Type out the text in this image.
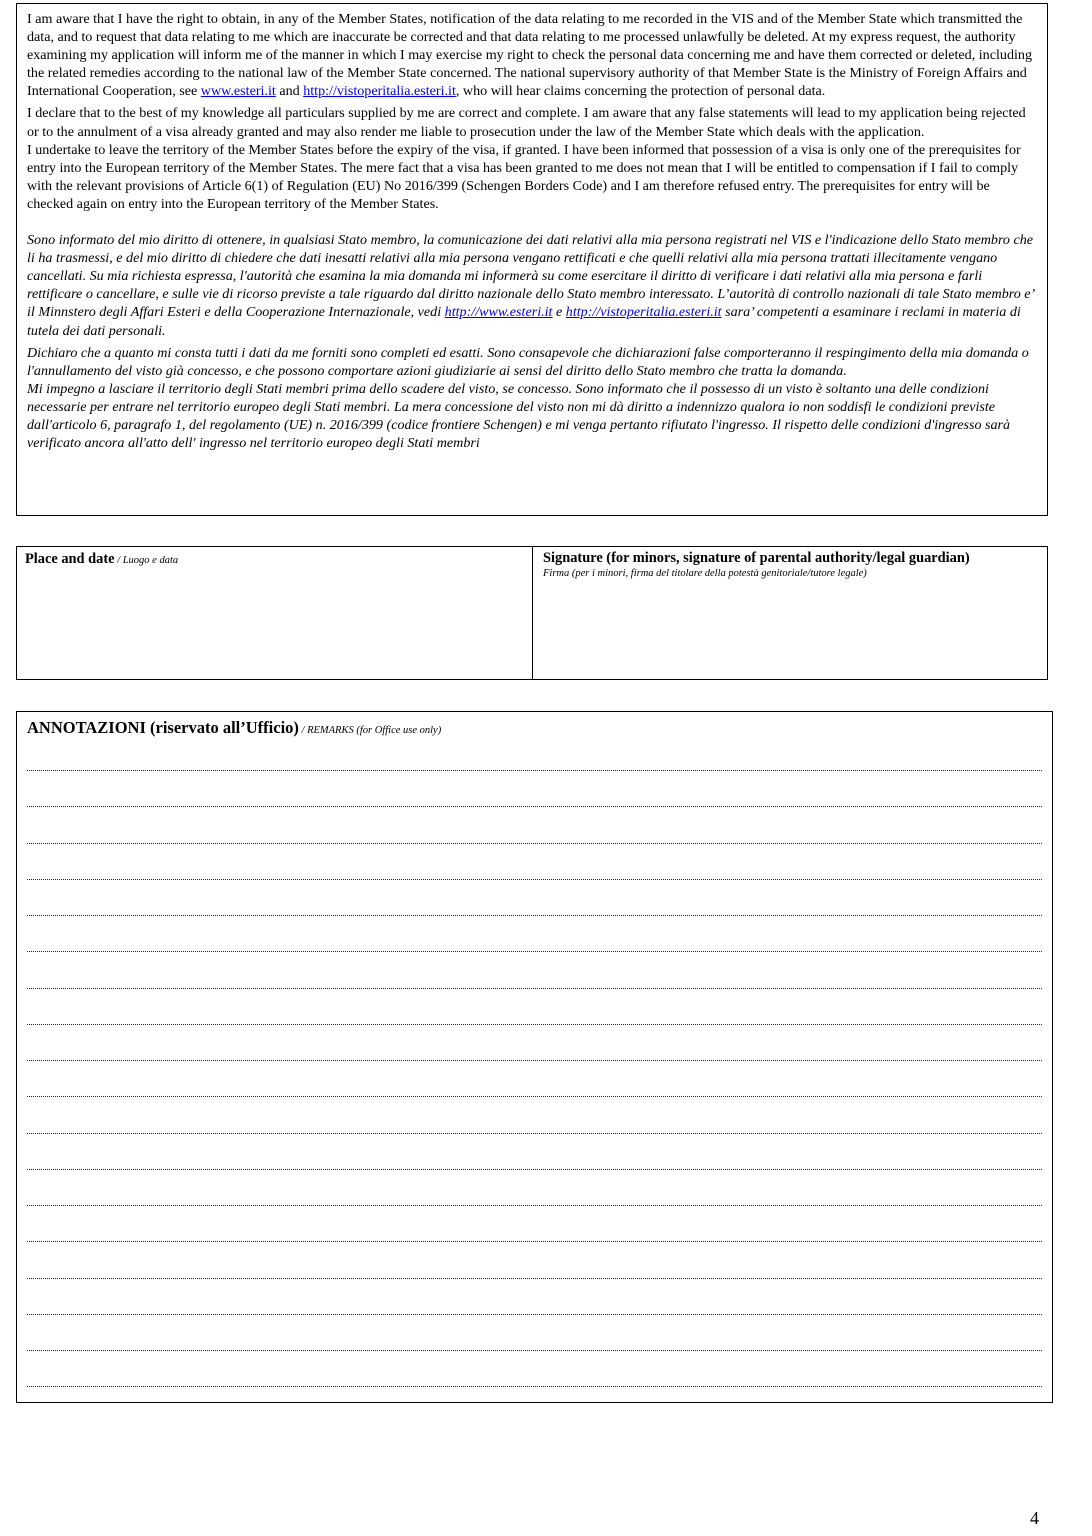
I am aware that I have the right to obtain, in any of the Member States, notification of the data relating to me recorded in the VIS and of the Member State which transmitted the data, and to request that data relating to me which are inaccurate be corrected and that data relating to me processed unlawfully be deleted. At my express request, the authority examining my application will inform me of the manner in which I may exercise my right to check the personal data concerning me and have them corrected or deleted, including the related remedies according to the national law of the Member State concerned. The national supervisory authority of that Member State is the Ministry of Foreign Affairs and International Cooperation, see www.esteri.it and http://vistoperitalia.esteri.it, who will hear claims concerning the protection of personal data.

I declare that to the best of my knowledge all particulars supplied by me are correct and complete. I am aware that any false statements will lead to my application being rejected or to the annulment of a visa already granted and may also render me liable to prosecution under the law of the Member State which deals with the application.

I undertake to leave the territory of the Member States before the expiry of the visa, if granted. I have been informed that possession of a visa is only one of the prerequisites for entry into the European territory of the Member States. The mere fact that a visa has been granted to me does not mean that I will be entitled to compensation if I fail to comply with the relevant provisions of Article 6(1) of Regulation (EU) No 2016/399 (Schengen Borders Code) and I am therefore refused entry. The prerequisites for entry will be checked again on entry into the European territory of the Member States.

Sono informato del mio diritto di ottenere, in qualsiasi Stato membro, la comunicazione dei dati relativi alla mia persona registrati nel VIS e l'indicazione dello Stato membro che li ha trasmessi, e del mio diritto di chiedere che dati inesatti relativi alla mia persona vengano rettificati e che quelli relativi alla mia persona trattati illecitamente vengano cancellati. Su mia richiesta espressa, l'autorità che esamina la mia domanda mi informerà su come esercitare il diritto di verificare i dati relativi alla mia persona e farli rettificare o cancellare, e sulle vie di ricorso previste a tale riguardo dal diritto nazionale dello Stato membro interessato. L’autorità di controllo nazionali di tale Stato membro e’ il Minnstero degli Affari Esteri e della Cooperazione Internazionale, vedi http://www.esteri.it e http://vistoperitalia.esteri.it sara’ competenti a esaminare i reclami in materia di tutela dei dati personali.

Dichiaro che a quanto mi consta tutti i dati da me forniti sono completi ed esatti. Sono consapevole che dichiarazioni false comporteranno il respingimento della mia domanda o l'annullamento del visto già concesso, e che possono comportare azioni giudiziarie ai sensi del diritto dello Stato membro che tratta la domanda.

Mi impegno a lasciare il territorio degli Stati membri prima dello scadere del visto, se concesso. Sono informato che il possesso di un visto è soltanto una delle condizioni necessarie per entrare nel territorio europeo degli Stati membri. La mera concessione del visto non mi dà diritto a indennizzo qualora io non soddisfi le condizioni previste dall'articolo 6, paragrafo 1, del regolamento (UE) n. 2016/399 (codice frontiere Schengen) e mi venga pertanto rifiutato l'ingresso. Il rispetto delle condizioni d'ingresso sarà verificato ancora all'atto dell' ingresso nel territorio europeo degli Stati membri

Place and date / Luogo e data	Signature (for minors, signature of parental authority/legal guardian)
Firma (per i minori, firma del titolare della potestà genitoriale/tutore legale)
ANNOTAZIONI (riservato all’Ufficio) / REMARKS (for Office use only)
4
